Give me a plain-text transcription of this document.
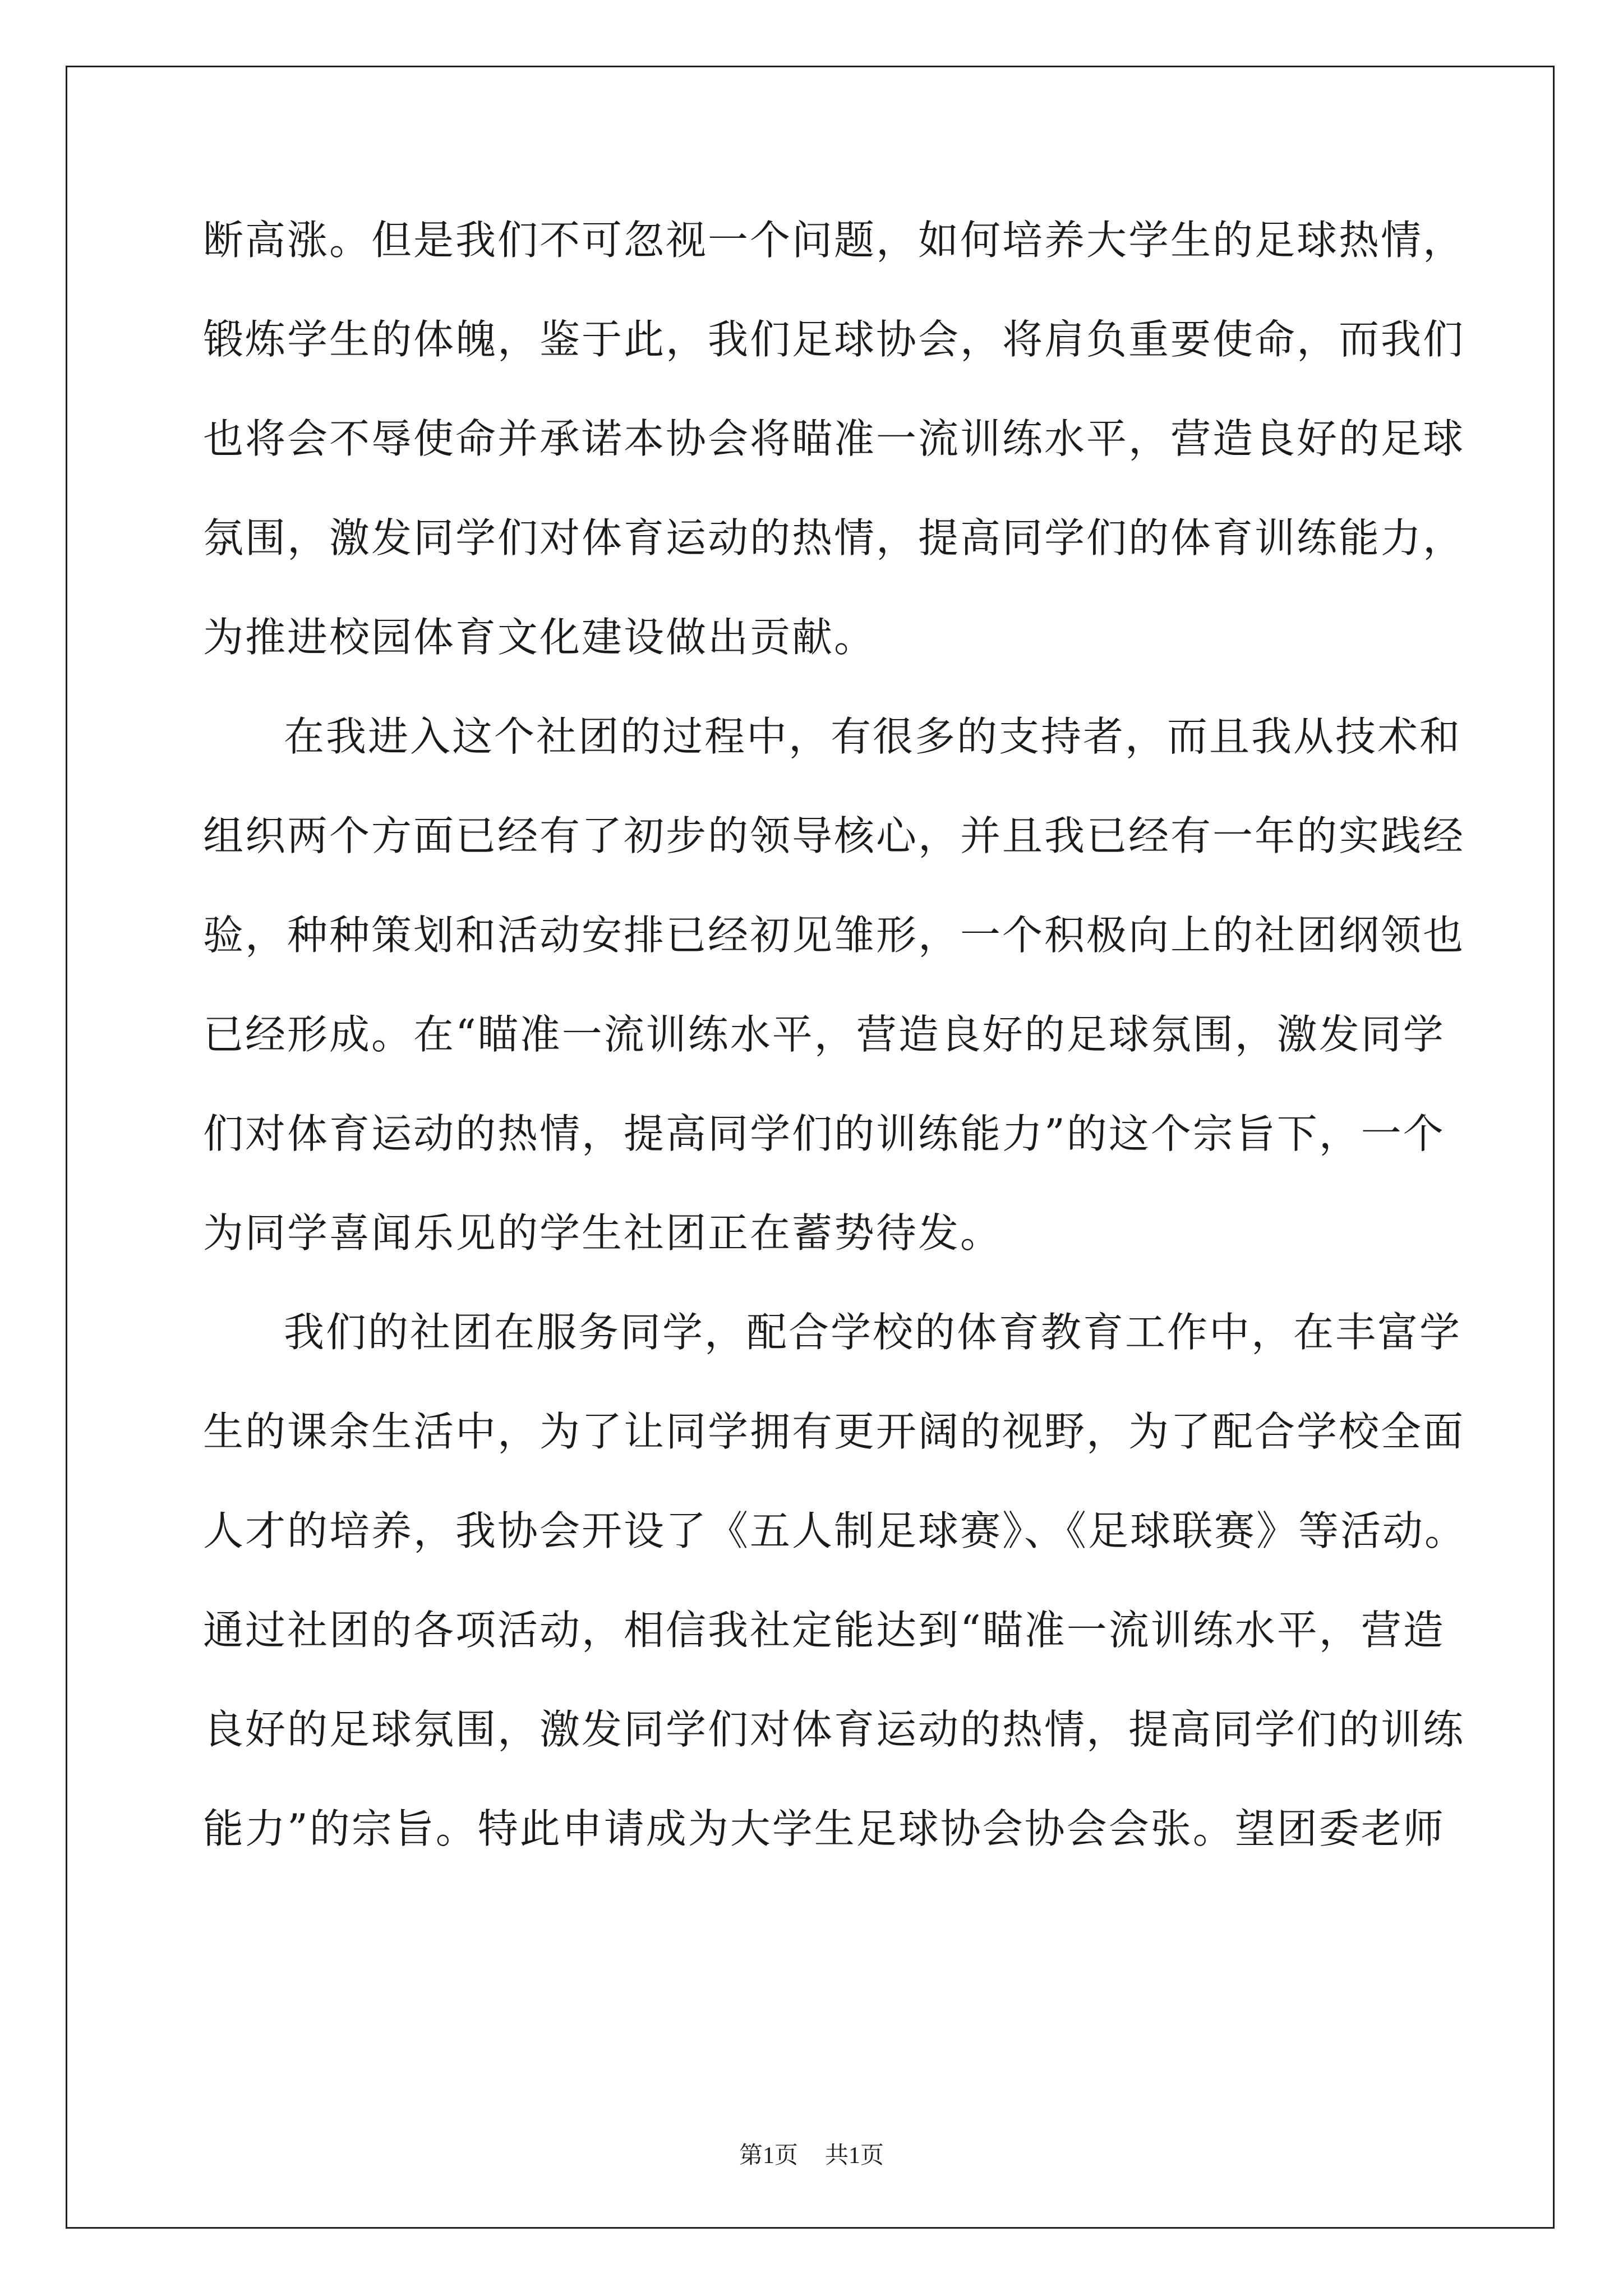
断高涨。但是我们不可忽视一个问题，如何培养大学生的足球热情，
锻炼学生的体魄，鉴于此，我们足球协会，将肩负重要使命，而我们
也将会不辱使命并承诺本协会将瞄准一流训练水平，营造良好的足球
氛围，激发同学们对体育运动的热情，提高同学们的体育训练能力，
为推进校园体育文化建设做出贡献。
在我进入这个社团的过程中，有很多的支持者，而且我从技术和
组织两个方面已经有了初步的领导核心，并且我已经有一年的实践经
验，种种策划和活动安排已经初见雏形，一个积极向上的社团纲领也
已经形成。在“瞄准一流训练水平，营造良好的足球氛围，激发同学
们对体育运动的热情，提高同学们的训练能力”的这个宗旨下，一个
为同学喜闻乐见的学生社团正在蓄势待发。
我们的社团在服务同学，配合学校的体育教育工作中，在丰富学
生的课余生活中，为了让同学拥有更开阔的视野，为了配合学校全面
人才的培养，我协会开设了《五人制足球赛》、《足球联赛》等活动。
通过社团的各项活动，相信我社定能达到“瞄准一流训练水平，营造
良好的足球氛围，激发同学们对体育运动的热情，提高同学们的训练
能力”的宗旨。特此申请成为大学生足球协会协会会张。望团委老师
第1页 共1页
